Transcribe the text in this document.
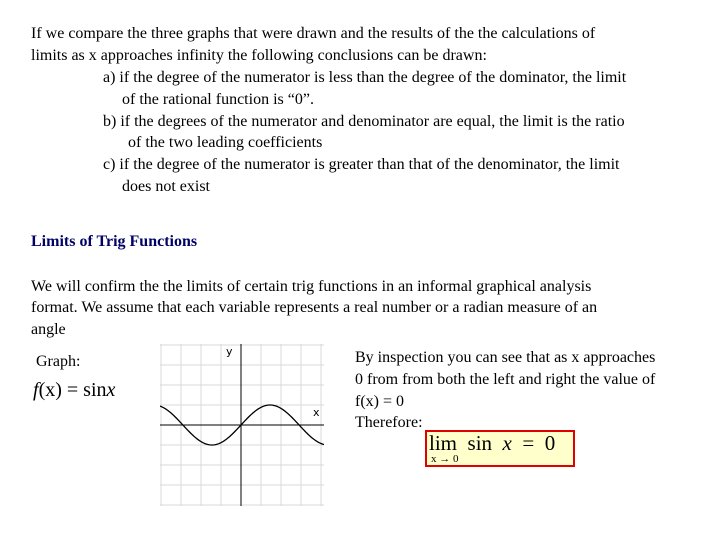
If we compare the three graphs that were drawn and the results of the the calculations of
limits as x approaches infinity the following conclusions can be drawn:
a) if the degree of the numerator is less than the degree of the dominator, the limit
of the rational function is “0”.
b) if the degrees of the numerator and denominator are equal, the limit is the ratio
of the two leading coefficients
c) if the degree of the numerator is greater than that of the denominator, the limit
does not exist
Limits of Trig Functions
We will confirm the the limits of certain trig functions in an informal graphical analysis
format. We assume that each variable represents a real number or a radian measure of an
angle
Graph:
f(x) = sinx
y
x
By inspection you can see that as x approaches
0 from from both the left and right the value of
f(x) = 0
Therefore:
lim sin x = 0
x → 0
